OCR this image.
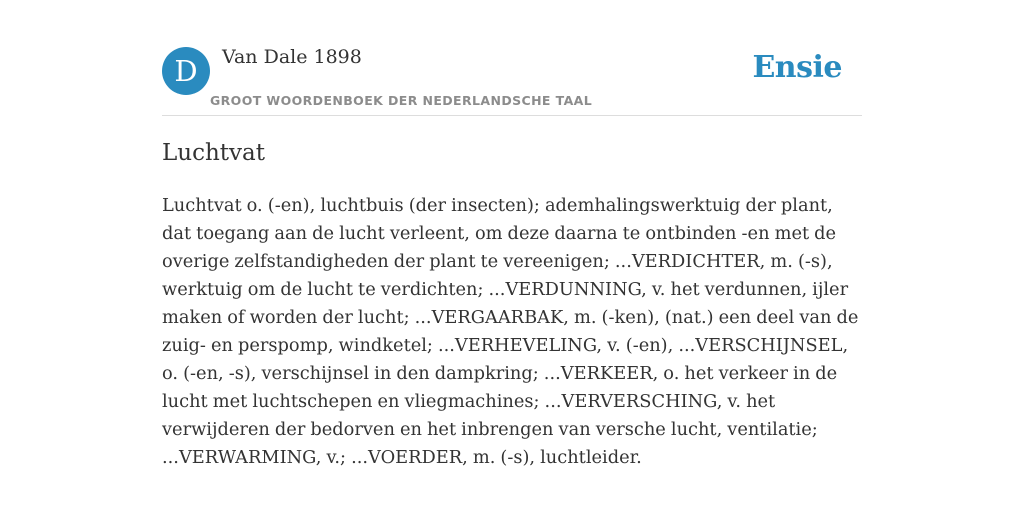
D	Van Dale 1898
GROOT WOORDENBOEK DER NEDERLANDSCHE TAAL
Ensie
Luchtvat

Luchtvat o. (-en), luchtbuis (der insecten); ademhalingswerktuig der plant, dat toegang aan de lucht verleent, om deze daarna te ontbinden -en met de overige zelfstandigheden der plant te vereenigen; ...VERDICHTER, m. (-s), werktuig om de lucht te verdichten; ...VERDUNNING, v. het verdunnen, ijler maken of worden der lucht; ...VERGAARBAK, m. (-ken), (nat.) een deel van de zuig- en perspomp, windketel; ...VERHEVELING, v. (-en), ...VERSCHIJNSEL, o. (-en, -s), verschijnsel in den dampkring; ...VERKEER, o. het verkeer in de lucht met luchtschepen en vliegmachines; ...VERVERSCHING, v. het verwijderen der bedorven en het inbrengen van versche lucht, ventilatie; ...VERWARMING, v.; ...VOERDER, m. (-s), luchtleider.
